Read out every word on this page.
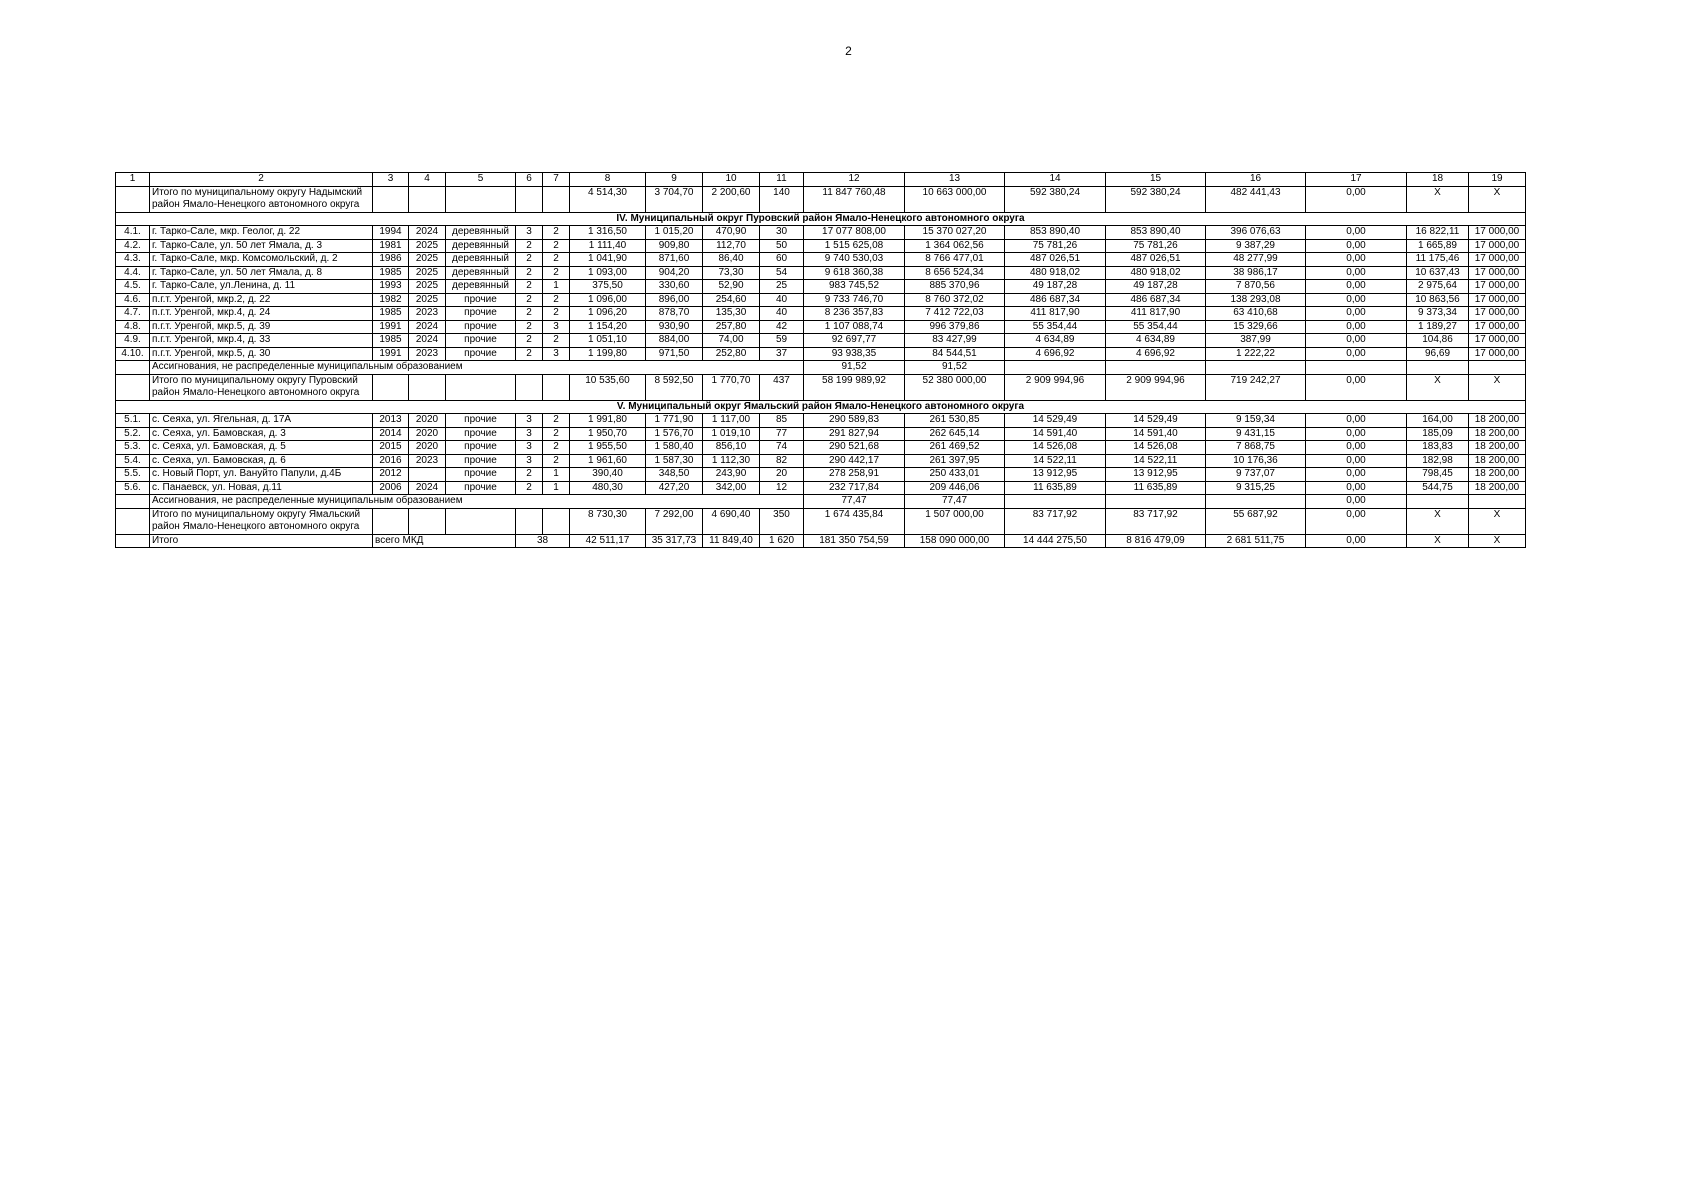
2
1	2	3	4	5	6	7	8	9	10	11	12	13	14	15	16	17	18	19
	Итого по муниципальному округу Надымский район Ямало-Ненецкого автономного округа						4 514,30	3 704,70	2 200,60	140	11 847 760,48	10 663 000,00	592 380,24	592 380,24	482 441,43	0,00	X	X
IV. Муниципальный округ Пуровский район Ямало-Ненецкого автономного округа																		
4.1.	г. Тарко-Сале, мкр. Геолог, д. 22	1994	2024	деревянный	3	2	1 316,50	1 015,20	470,90	30	17 077 808,00	15 370 027,20	853 890,40	853 890,40	396 076,63	0,00	16 822,11	17 000,00
4.2.	г. Тарко-Сале, ул. 50 лет Ямала, д. 3	1981	2025	деревянный	2	2	1 111,40	909,80	112,70	50	1 515 625,08	1 364 062,56	75 781,26	75 781,26	9 387,29	0,00	1 665,89	17 000,00
4.3.	г. Тарко-Сале, мкр. Комсомольский, д. 2	1986	2025	деревянный	2	2	1 041,90	871,60	86,40	60	9 740 530,03	8 766 477,01	487 026,51	487 026,51	48 277,99	0,00	11 175,46	17 000,00
4.4.	г. Тарко-Сале, ул. 50 лет Ямала, д. 8	1985	2025	деревянный	2	2	1 093,00	904,20	73,30	54	9 618 360,38	8 656 524,34	480 918,02	480 918,02	38 986,17	0,00	10 637,43	17 000,00
4.5.	г. Тарко-Сале, ул.Ленина, д. 11	1993	2025	деревянный	2	1	375,50	330,60	52,90	25	983 745,52	885 370,96	49 187,28	49 187,28	7 870,56	0,00	2 975,64	17 000,00
4.6.	п.г.т. Уренгой, мкр.2, д. 22	1982	2025	прочие	2	2	1 096,00	896,00	254,60	40	9 733 746,70	8 760 372,02	486 687,34	486 687,34	138 293,08	0,00	10 863,56	17 000,00
4.7.	п.г.т. Уренгой, мкр.4, д. 24	1985	2023	прочие	2	2	1 096,20	878,70	135,30	40	8 236 357,83	7 412 722,03	411 817,90	411 817,90	63 410,68	0,00	9 373,34	17 000,00
4.8.	п.г.т. Уренгой, мкр.5, д. 39	1991	2024	прочие	2	3	1 154,20	930,90	257,80	42	1 107 088,74	996 379,86	55 354,44	55 354,44	15 329,66	0,00	1 189,27	17 000,00
4.9.	п.г.т. Уренгой, мкр.4, д. 33	1985	2024	прочие	2	2	1 051,10	884,00	74,00	59	92 697,77	83 427,99	4 634,89	4 634,89	387,99	0,00	104,86	17 000,00
4.10.	п.г.т. Уренгой, мкр.5, д. 30	1991	2023	прочие	2	3	1 199,80	971,50	252,80	37	93 938,35	84 544,51	4 696,92	4 696,92	1 222,22	0,00	96,69	17 000,00
	Ассигнования, не распределенные муниципальным образованием										91,52	91,52						
	Итого по муниципальному округу Пуровский район Ямало-Ненецкого автономного округа						10 535,60	8 592,50	1 770,70	437	58 199 989,92	52 380 000,00	2 909 994,96	2 909 994,96	719 242,27	0,00	X	X
V. Муниципальный округ Ямальский район Ямало-Ненецкого автономного округа																		
5.1.	с. Сеяха, ул. Ягельная, д. 17А	2013	2020	прочие	3	2	1 991,80	1 771,90	1 117,00	85	290 589,83	261 530,85	14 529,49	14 529,49	9 159,34	0,00	164,00	18 200,00
5.2.	с. Сеяха, ул. Бамовская, д. 3	2014	2020	прочие	3	2	1 950,70	1 576,70	1 019,10	77	291 827,94	262 645,14	14 591,40	14 591,40	9 431,15	0,00	185,09	18 200,00
5.3.	с. Сеяха, ул. Бамовская, д. 5	2015	2020	прочие	3	2	1 955,50	1 580,40	856,10	74	290 521,68	261 469,52	14 526,08	14 526,08	7 868,75	0,00	183,83	18 200,00
5.4.	с. Сеяха, ул. Бамовская, д. 6	2016	2023	прочие	3	2	1 961,60	1 587,30	1 112,30	82	290 442,17	261 397,95	14 522,11	14 522,11	10 176,36	0,00	182,98	18 200,00
5.5.	с. Новый Порт, ул. Вануйто Папули, д.4Б	2012		прочие	2	1	390,40	348,50	243,90	20	278 258,91	250 433,01	13 912,95	13 912,95	9 737,07	0,00	798,45	18 200,00
5.6.	с. Панаевск, ул. Новая, д.11	2006	2024	прочие	2	1	480,30	427,20	342,00	12	232 717,84	209 446,06	11 635,89	11 635,89	9 315,25	0,00	544,75	18 200,00
	Ассигнования, не распределенные муниципальным образованием										77,47	77,47				0,00		
	Итого по муниципальному округу Ямальский район Ямало-Ненецкого автономного округа						8 730,30	7 292,00	4 690,40	350	1 674 435,84	1 507 000,00	83 717,92	83 717,92	55 687,92	0,00	X	X
	Итого	всего МКД			38		42 511,17	35 317,73	11 849,40	1 620	181 350 754,59	158 090 000,00	14 444 275,50	8 816 479,09	2 681 511,75	0,00	X	X
